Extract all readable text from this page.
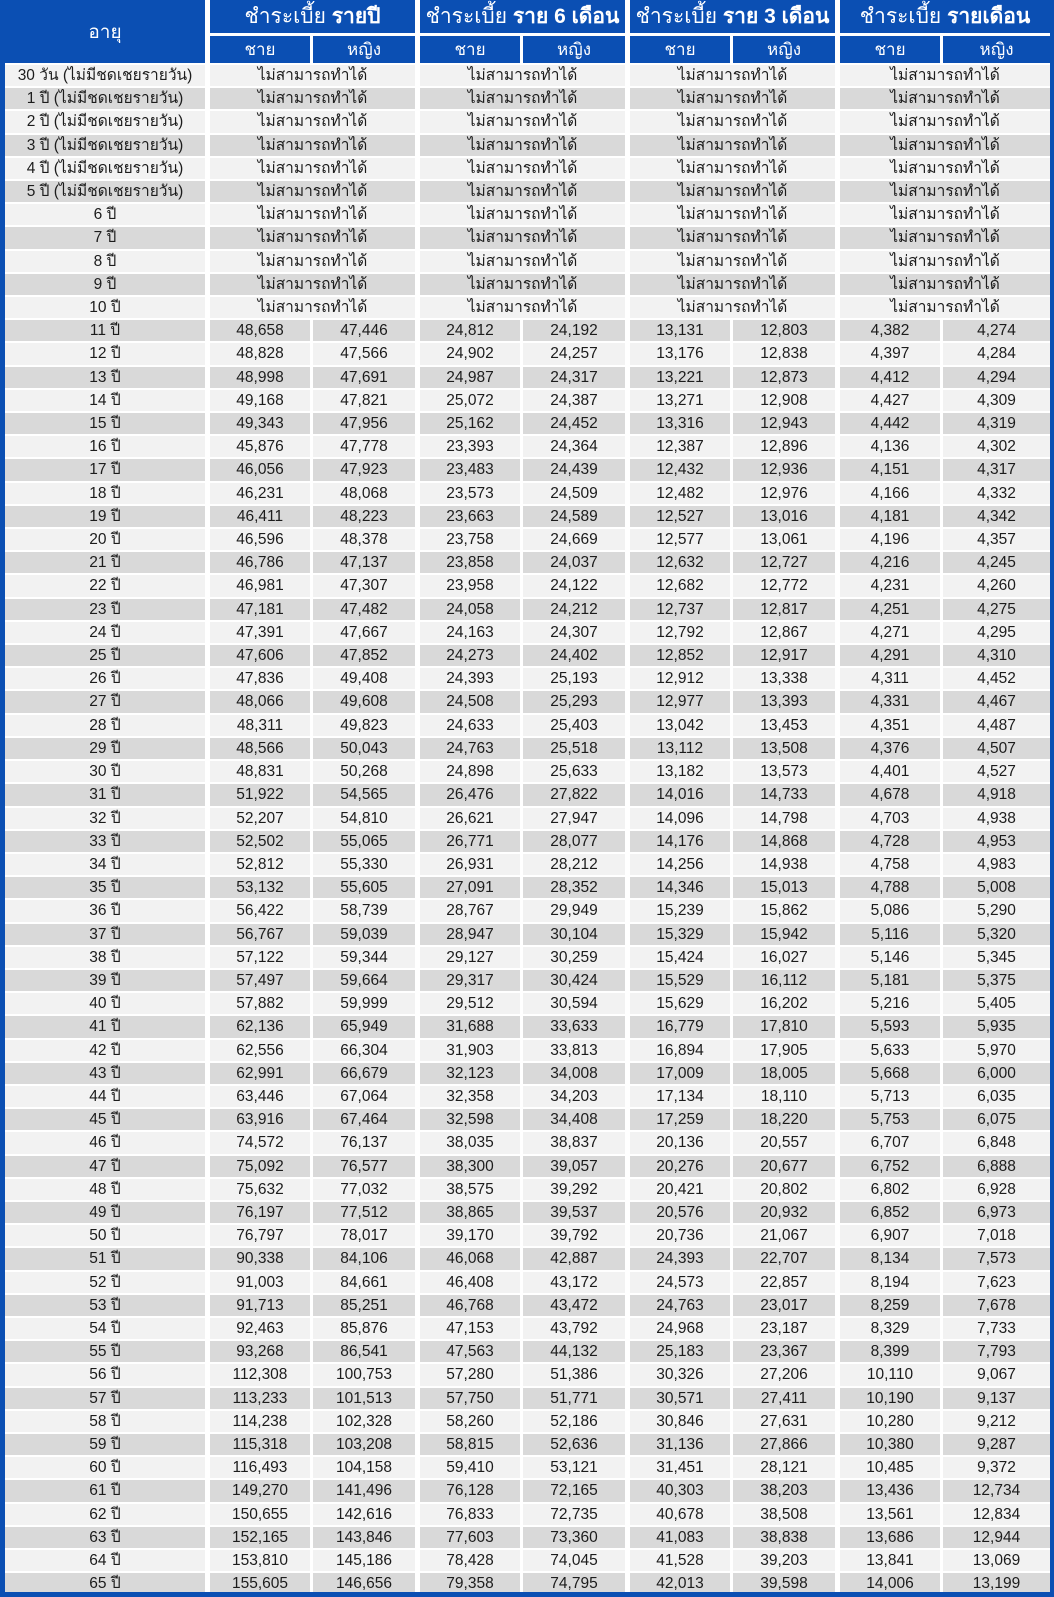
อายุ	ชำระเบี้ย รายปี		ชำระเบี้ย ราย 6 เดือน		ชำระเบี้ย ราย 3 เดือน		ชำระเบี้ย รายเดือน	
	ชาย	หญิง	ชาย	หญิง	ชาย	หญิง	ชาย	หญิง
30 วัน (ไม่มีชดเชยรายวัน)	ไม่สามารถทำได้		ไม่สามารถทำได้		ไม่สามารถทำได้		ไม่สามารถทำได้	
1 ปี (ไม่มีชดเชยรายวัน)	ไม่สามารถทำได้		ไม่สามารถทำได้		ไม่สามารถทำได้		ไม่สามารถทำได้	
2 ปี (ไม่มีชดเชยรายวัน)	ไม่สามารถทำได้		ไม่สามารถทำได้		ไม่สามารถทำได้		ไม่สามารถทำได้	
3 ปี (ไม่มีชดเชยรายวัน)	ไม่สามารถทำได้		ไม่สามารถทำได้		ไม่สามารถทำได้		ไม่สามารถทำได้	
4 ปี (ไม่มีชดเชยรายวัน)	ไม่สามารถทำได้		ไม่สามารถทำได้		ไม่สามารถทำได้		ไม่สามารถทำได้	
5 ปี (ไม่มีชดเชยรายวัน)	ไม่สามารถทำได้		ไม่สามารถทำได้		ไม่สามารถทำได้		ไม่สามารถทำได้	
6 ปี	ไม่สามารถทำได้		ไม่สามารถทำได้		ไม่สามารถทำได้		ไม่สามารถทำได้	
7 ปี	ไม่สามารถทำได้		ไม่สามารถทำได้		ไม่สามารถทำได้		ไม่สามารถทำได้	
8 ปี	ไม่สามารถทำได้		ไม่สามารถทำได้		ไม่สามารถทำได้		ไม่สามารถทำได้	
9 ปี	ไม่สามารถทำได้		ไม่สามารถทำได้		ไม่สามารถทำได้		ไม่สามารถทำได้	
10 ปี	ไม่สามารถทำได้		ไม่สามารถทำได้		ไม่สามารถทำได้		ไม่สามารถทำได้	
11 ปี	48,658	47,446	24,812	24,192	13,131	12,803	4,382	4,274
12 ปี	48,828	47,566	24,902	24,257	13,176	12,838	4,397	4,284
13 ปี	48,998	47,691	24,987	24,317	13,221	12,873	4,412	4,294
14 ปี	49,168	47,821	25,072	24,387	13,271	12,908	4,427	4,309
15 ปี	49,343	47,956	25,162	24,452	13,316	12,943	4,442	4,319
16 ปี	45,876	47,778	23,393	24,364	12,387	12,896	4,136	4,302
17 ปี	46,056	47,923	23,483	24,439	12,432	12,936	4,151	4,317
18 ปี	46,231	48,068	23,573	24,509	12,482	12,976	4,166	4,332
19 ปี	46,411	48,223	23,663	24,589	12,527	13,016	4,181	4,342
20 ปี	46,596	48,378	23,758	24,669	12,577	13,061	4,196	4,357
21 ปี	46,786	47,137	23,858	24,037	12,632	12,727	4,216	4,245
22 ปี	46,981	47,307	23,958	24,122	12,682	12,772	4,231	4,260
23 ปี	47,181	47,482	24,058	24,212	12,737	12,817	4,251	4,275
24 ปี	47,391	47,667	24,163	24,307	12,792	12,867	4,271	4,295
25 ปี	47,606	47,852	24,273	24,402	12,852	12,917	4,291	4,310
26 ปี	47,836	49,408	24,393	25,193	12,912	13,338	4,311	4,452
27 ปี	48,066	49,608	24,508	25,293	12,977	13,393	4,331	4,467
28 ปี	48,311	49,823	24,633	25,403	13,042	13,453	4,351	4,487
29 ปี	48,566	50,043	24,763	25,518	13,112	13,508	4,376	4,507
30 ปี	48,831	50,268	24,898	25,633	13,182	13,573	4,401	4,527
31 ปี	51,922	54,565	26,476	27,822	14,016	14,733	4,678	4,918
32 ปี	52,207	54,810	26,621	27,947	14,096	14,798	4,703	4,938
33 ปี	52,502	55,065	26,771	28,077	14,176	14,868	4,728	4,953
34 ปี	52,812	55,330	26,931	28,212	14,256	14,938	4,758	4,983
35 ปี	53,132	55,605	27,091	28,352	14,346	15,013	4,788	5,008
36 ปี	56,422	58,739	28,767	29,949	15,239	15,862	5,086	5,290
37 ปี	56,767	59,039	28,947	30,104	15,329	15,942	5,116	5,320
38 ปี	57,122	59,344	29,127	30,259	15,424	16,027	5,146	5,345
39 ปี	57,497	59,664	29,317	30,424	15,529	16,112	5,181	5,375
40 ปี	57,882	59,999	29,512	30,594	15,629	16,202	5,216	5,405
41 ปี	62,136	65,949	31,688	33,633	16,779	17,810	5,593	5,935
42 ปี	62,556	66,304	31,903	33,813	16,894	17,905	5,633	5,970
43 ปี	62,991	66,679	32,123	34,008	17,009	18,005	5,668	6,000
44 ปี	63,446	67,064	32,358	34,203	17,134	18,110	5,713	6,035
45 ปี	63,916	67,464	32,598	34,408	17,259	18,220	5,753	6,075
46 ปี	74,572	76,137	38,035	38,837	20,136	20,557	6,707	6,848
47 ปี	75,092	76,577	38,300	39,057	20,276	20,677	6,752	6,888
48 ปี	75,632	77,032	38,575	39,292	20,421	20,802	6,802	6,928
49 ปี	76,197	77,512	38,865	39,537	20,576	20,932	6,852	6,973
50 ปี	76,797	78,017	39,170	39,792	20,736	21,067	6,907	7,018
51 ปี	90,338	84,106	46,068	42,887	24,393	22,707	8,134	7,573
52 ปี	91,003	84,661	46,408	43,172	24,573	22,857	8,194	7,623
53 ปี	91,713	85,251	46,768	43,472	24,763	23,017	8,259	7,678
54 ปี	92,463	85,876	47,153	43,792	24,968	23,187	8,329	7,733
55 ปี	93,268	86,541	47,563	44,132	25,183	23,367	8,399	7,793
56 ปี	112,308	100,753	57,280	51,386	30,326	27,206	10,110	9,067
57 ปี	113,233	101,513	57,750	51,771	30,571	27,411	10,190	9,137
58 ปี	114,238	102,328	58,260	52,186	30,846	27,631	10,280	9,212
59 ปี	115,318	103,208	58,815	52,636	31,136	27,866	10,380	9,287
60 ปี	116,493	104,158	59,410	53,121	31,451	28,121	10,485	9,372
61 ปี	149,270	141,496	76,128	72,165	40,303	38,203	13,436	12,734
62 ปี	150,655	142,616	76,833	72,735	40,678	38,508	13,561	12,834
63 ปี	152,165	143,846	77,603	73,360	41,083	38,838	13,686	12,944
64 ปี	153,810	145,186	78,428	74,045	41,528	39,203	13,841	13,069
65 ปี	155,605	146,656	79,358	74,795	42,013	39,598	14,006	13,199
